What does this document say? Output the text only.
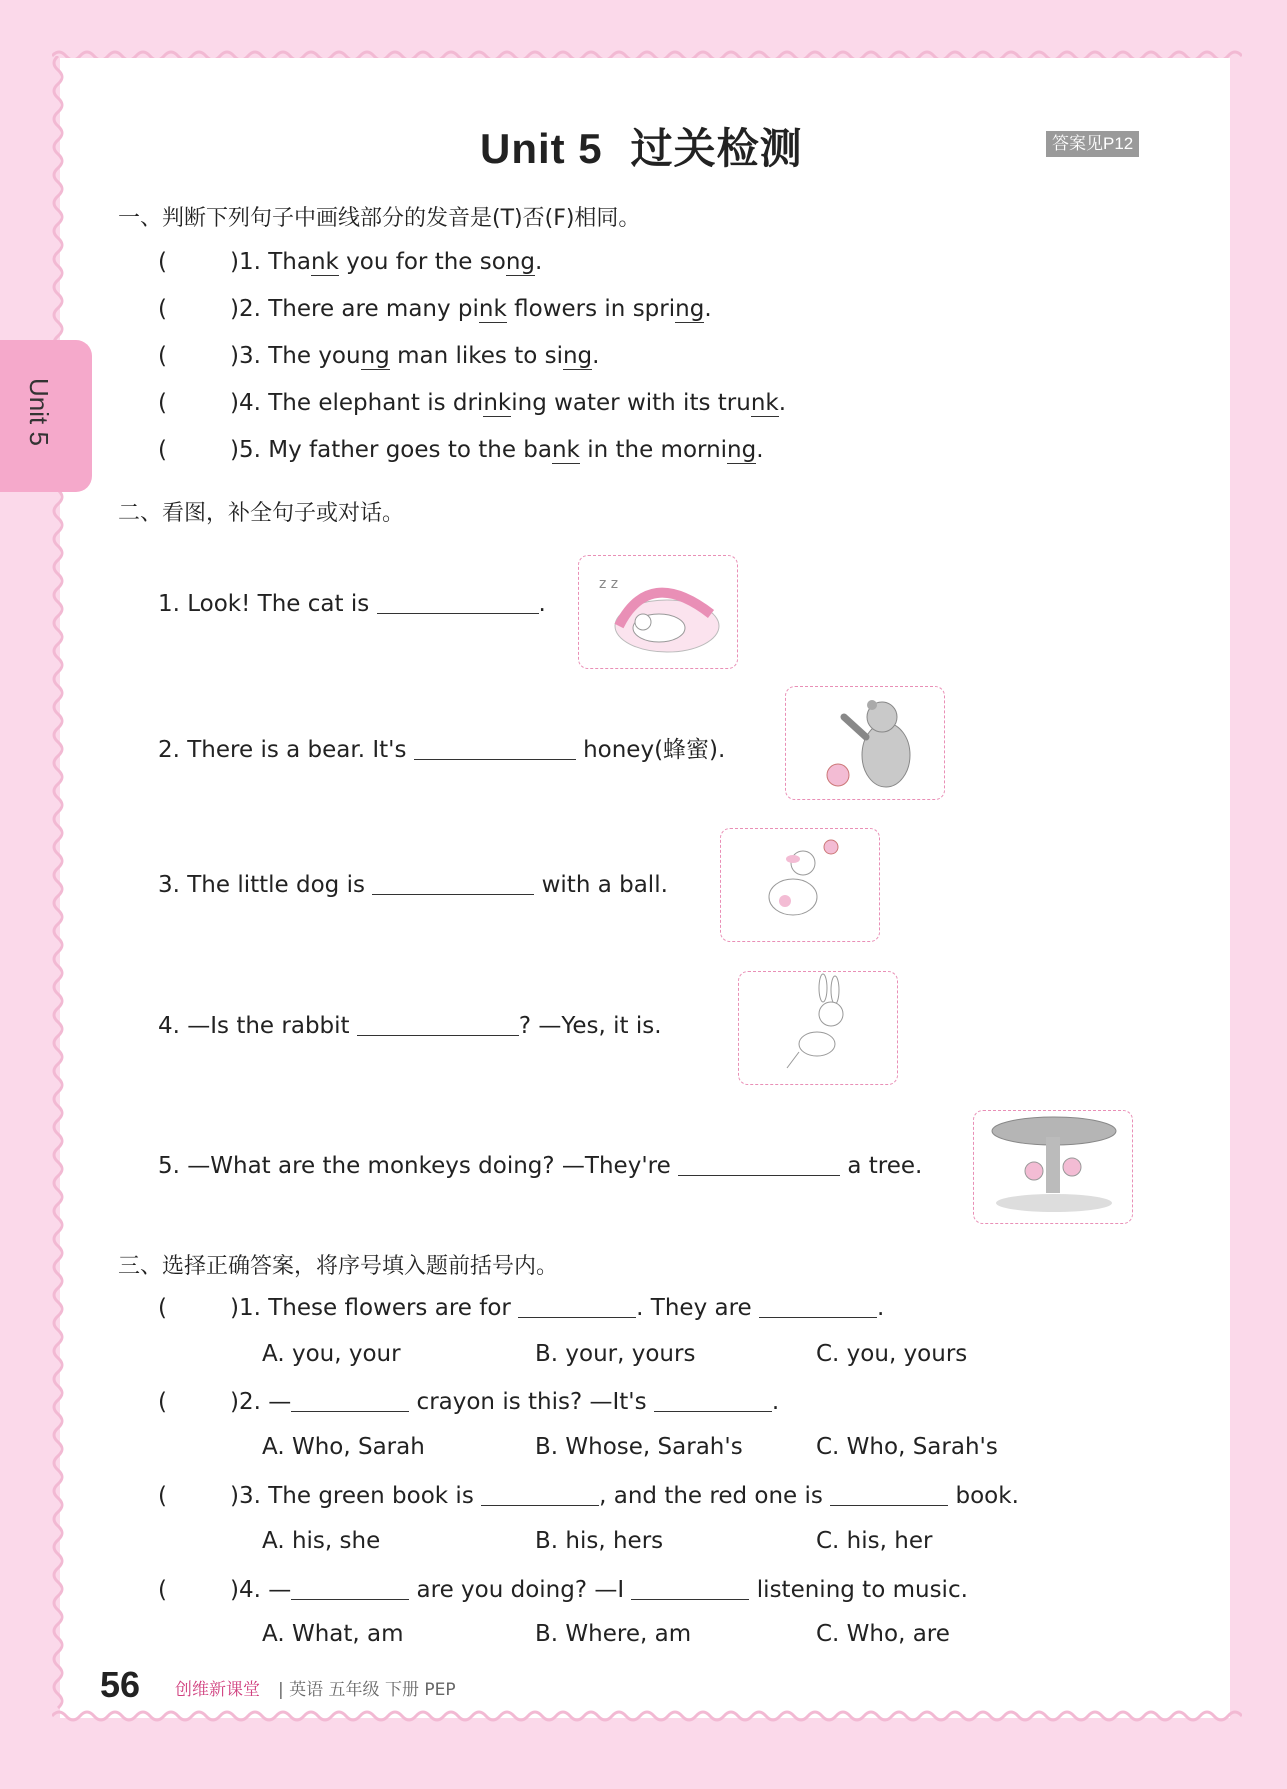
Unit 5
Unit 5 过关检测	答案见P12
一、判断下列句子中画线部分的发音是(T)否(F)相同。
(	)1. Thank you for the song.
(	)2. There are many pink flowers in spring.
(	)3. The young man likes to sing.
(	)4. The elephant is drinking water with its trunk.
(	)5. My father goes to the bank in the morning.
二、看图，补全句子或对话。
1. Look! The cat is	.
z z
2. There is a bear. It's	honey(蜂蜜).
3. The little dog is	with a ball.
4. —Is the rabbit	? —Yes, it is.
5. —What are the monkeys doing? —They're	a tree.
三、选择正确答案，将序号填入题前括号内。
(	)1. These flowers are for	. They are	.
A. you, your	B. your, yours	C. you, yours
(	)2. —	crayon is this? —It's	.
A. Who, Sarah	B. Whose, Sarah's	C. Who, Sarah's
(	)3. The green book is	, and the red one is	book.
A. his, she	B. his, hers	C. his, her
(	)4. —	are you doing? —I	listening to music.
A. What, am	B. Where, am	C. Who, are
56 创维新课堂 | 英语 五年级 下册 PEP
